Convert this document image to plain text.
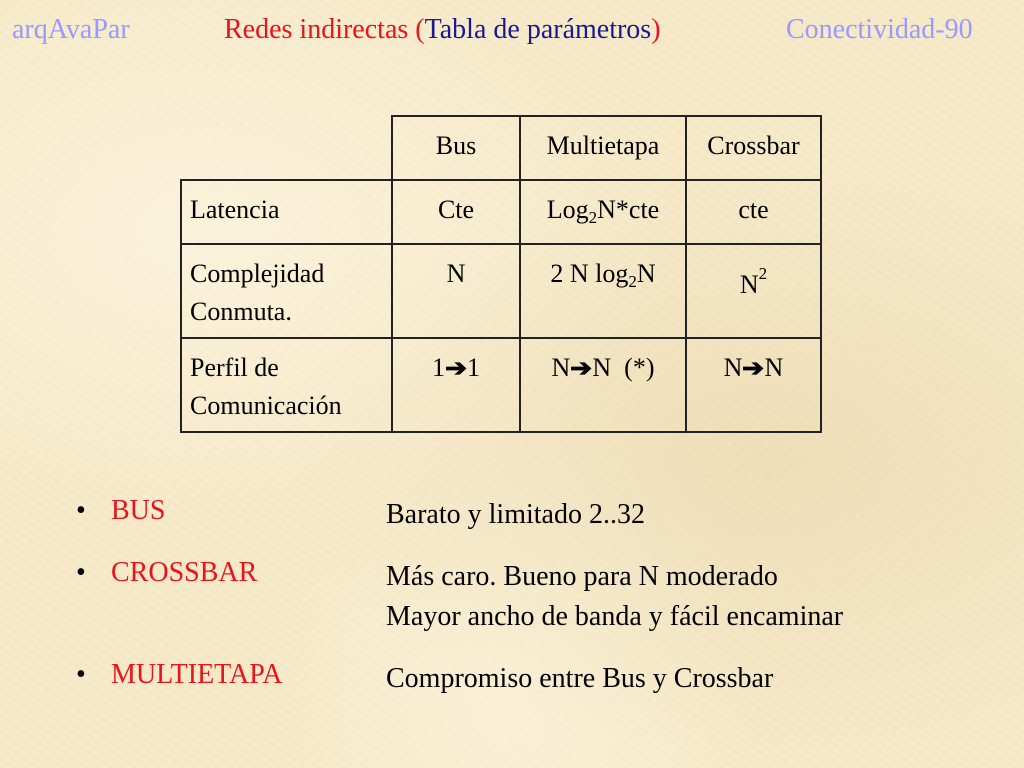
arqAvaPar	Redes indirectas (Tabla de parámetros)	Conectividad-90
	Bus	Multietapa	Crossbar
Latencia	Cte	Log$_2$N*cte	cte
Complejidad
Conmuta.	N	2 N $\log_2N$	$N^2$
Perfil de
Comunicación	1➔1	N➔N  (*)	N➔N
• BUS	Barato y limitado 2..32
• CROSSBAR	Más caro. Bueno para N moderado
Mayor ancho de banda y fácil encaminar
• MULTIETAPA	Compromiso entre Bus y Crossbar
